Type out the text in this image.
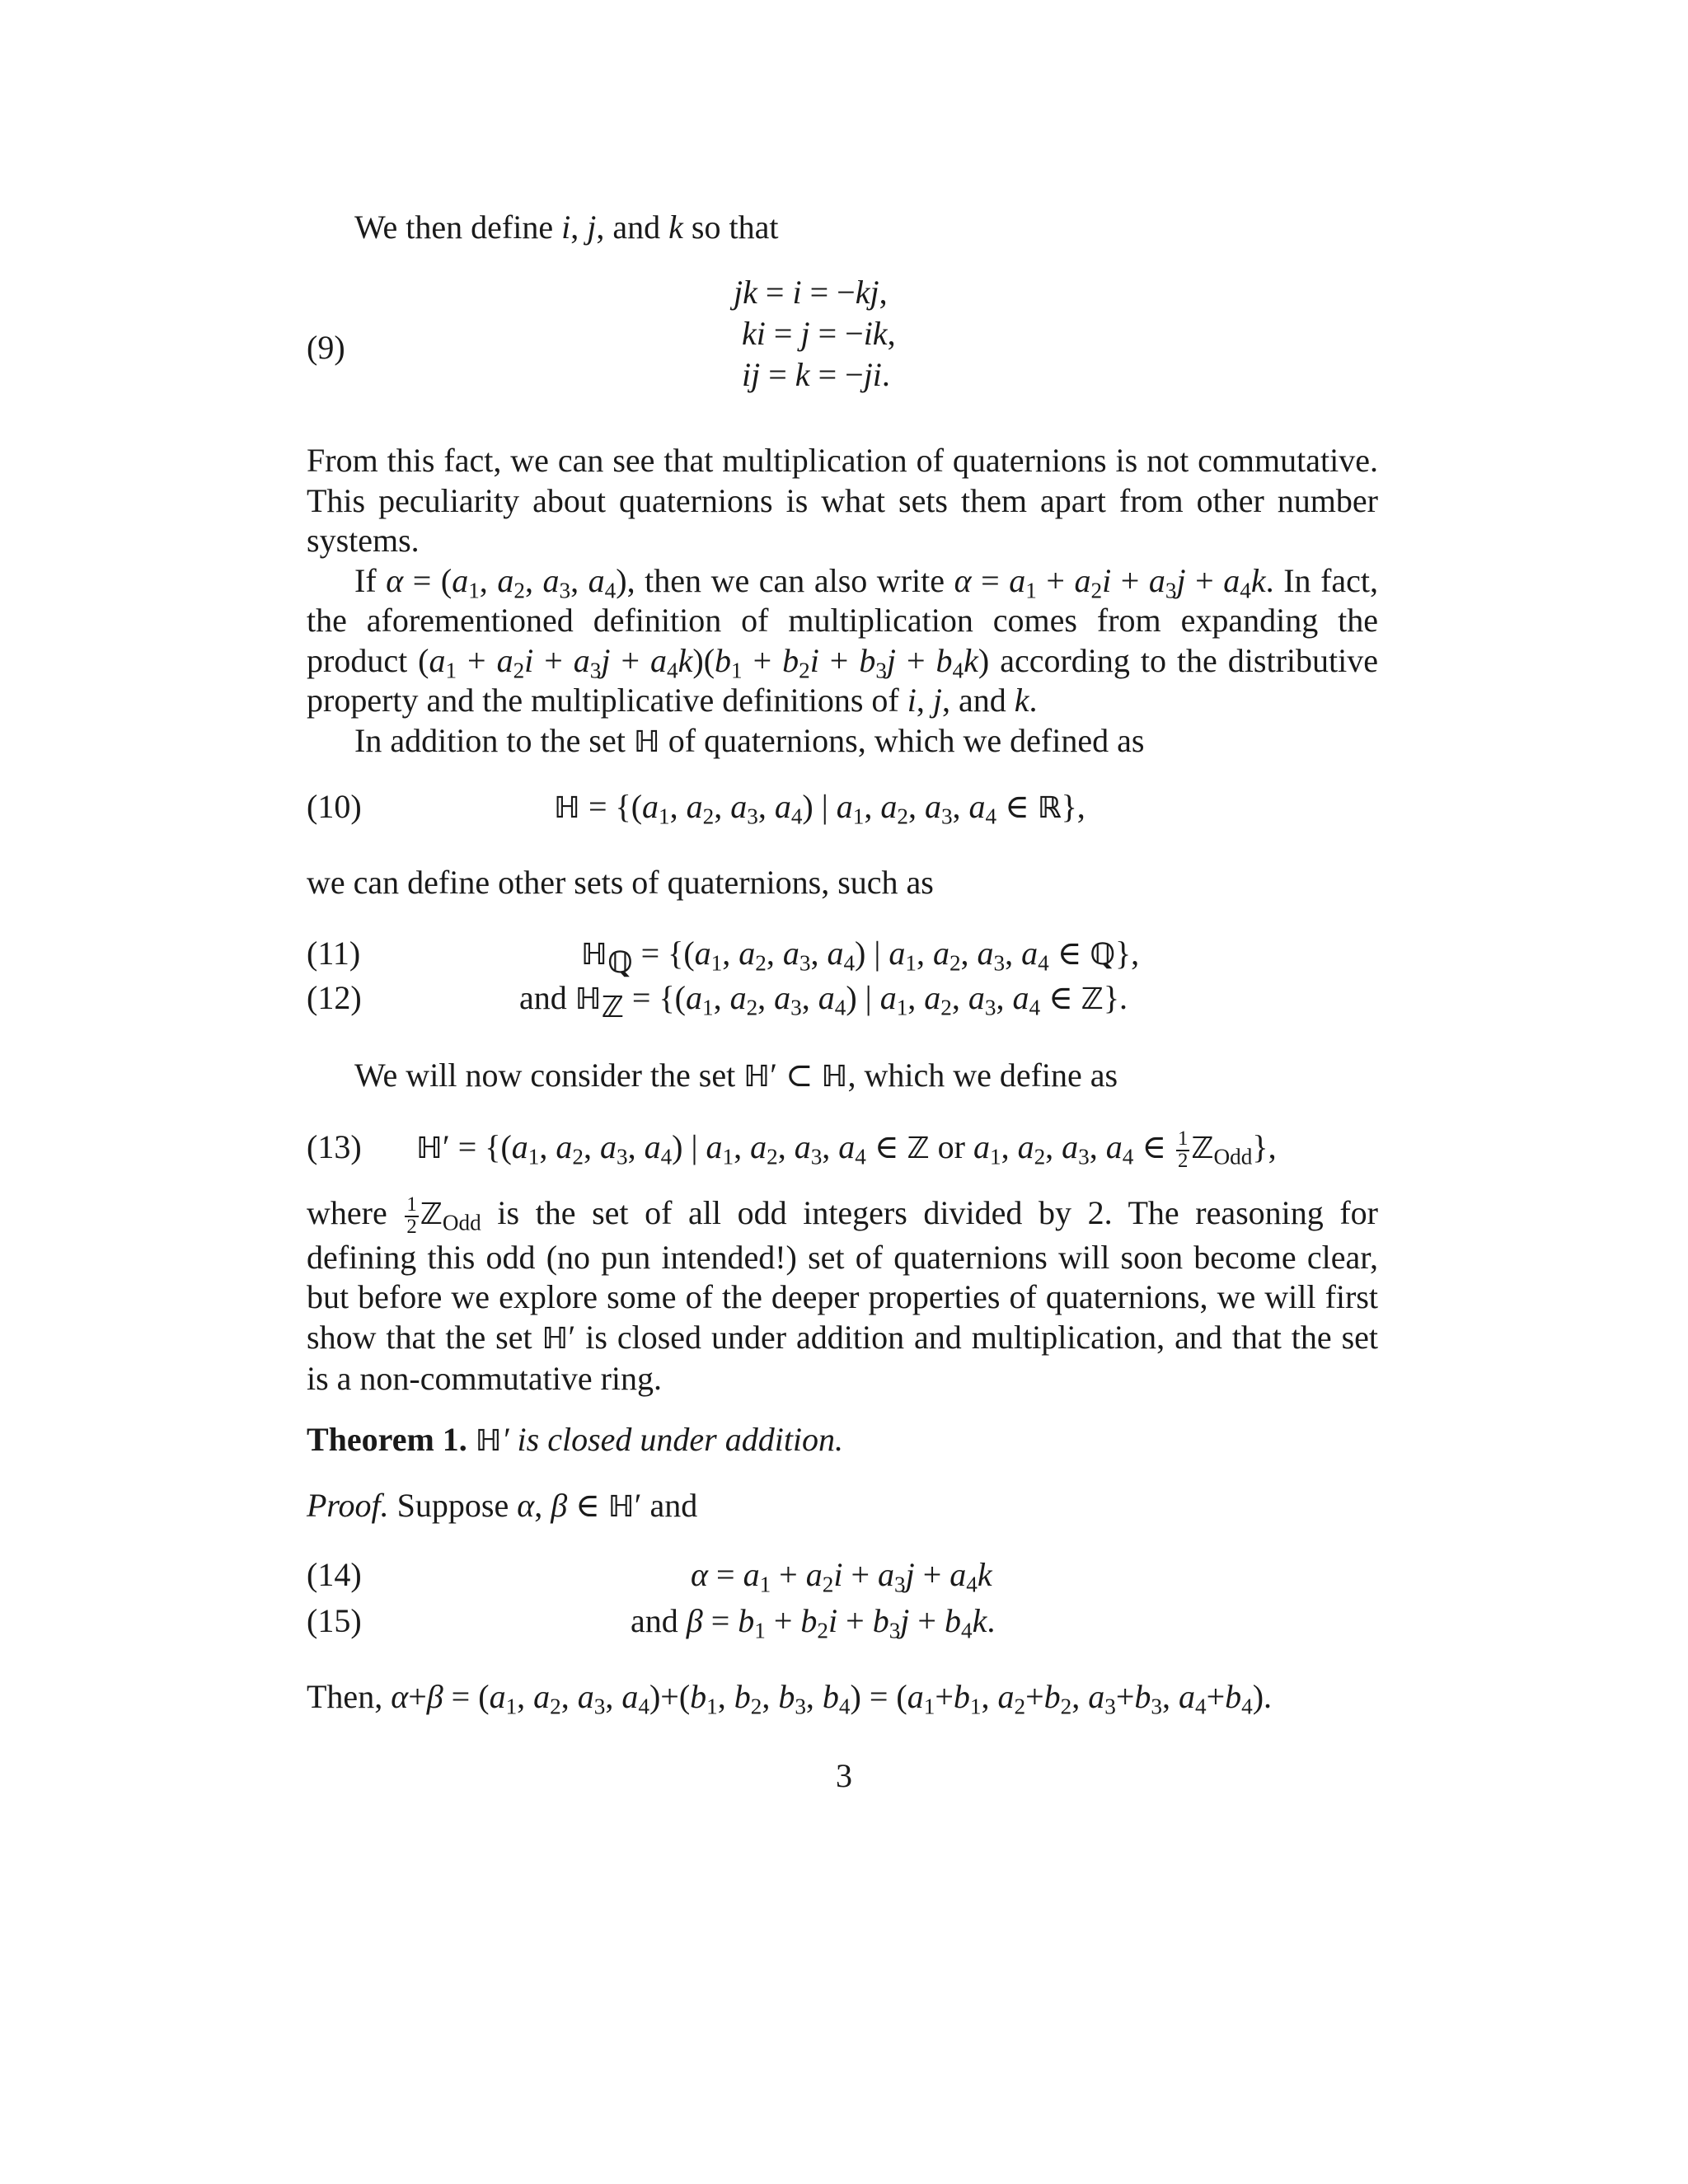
We then define i, j, and k so that

(9)
jk = i = −kj,
ki = j = −ik,
ij = k = −ji.

From this fact, we can see that multiplication of quaternions is not commutative. This peculiarity about quaternions is what sets them apart from other number systems.

If $\alpha = (a_1$, $a_2$, $a_3$, $a_4$), then we can also write $\alpha = a_1 + a_2i + a_3j + a_4k$. In fact, the aforementioned definition of multiplication comes from expanding the product $(a_1 + a_2i + a_3j + a_4k)(b_1 + b_2i + b_3j + b_4k)$ according to the distributive property and the multiplicative definitions of i, j, and k.

In addition to the set ℍ of quaternions, which we defined as

(10)	ℍ = {($a_1$, $a_2$, $a_3$, $a_4$) | $a_1$, $a_2$, $a_3$, $a_4$ ∈ ℝ},

we can define other sets of quaternions, such as

(11)	ℍ$_ℚ$ = {($a_1$, $a_2$, $a_3$, $a_4$) | $a_1$, $a_2$, $a_3$, $a_4$ ∈ ℚ},
(12)	and ℍ$_ℤ$ = {($a_1$, $a_2$, $a_3$, $a_4$) | $a_1$, $a_2$, $a_3$, $a_4$ ∈ ℤ}.

We will now consider the set ℍ′ ⊂ ℍ, which we define as

(13) ℍ′ = {($a_1$, $a_2$, $a_3$, $a_4$) | $a_1$, $a_2$, $a_3$, $a_4$ ∈ ℤ or $a_1$, $a_2$, $a_3$, $a_4$ ∈ $\frac{1}{2}$ ℤ$_{Odd}$},

where $\frac{1}{2}$ ℤ$_{Odd}$ is the set of all odd integers divided by 2. The reasoning for defining this odd (no pun intended!) set of quaternions will soon become clear, but before we explore some of the deeper properties of quaternions, we will first show that the set ℍ′ is closed under addition and multiplication, and that the set is a non-commutative ring.

Theorem 1. ℍ′ is closed under addition.
Proof. Suppose α, β ∈ ℍ′ and
(14)	$\alpha = a_1 + a_2i + a_3j + a_4k$
(15)	and $\beta = b_1 + b_2i + b_3j + b_4k$.

Then, $\alpha+\beta = (a_1$, $a_2$, $a_3$, $a_4)+(b_1$, $b_2$, $b_3$, $b_4) = (a_1+b_1$, $a_2+b_2$, $a_3+b_3$, $a_4+b_4$).

3
